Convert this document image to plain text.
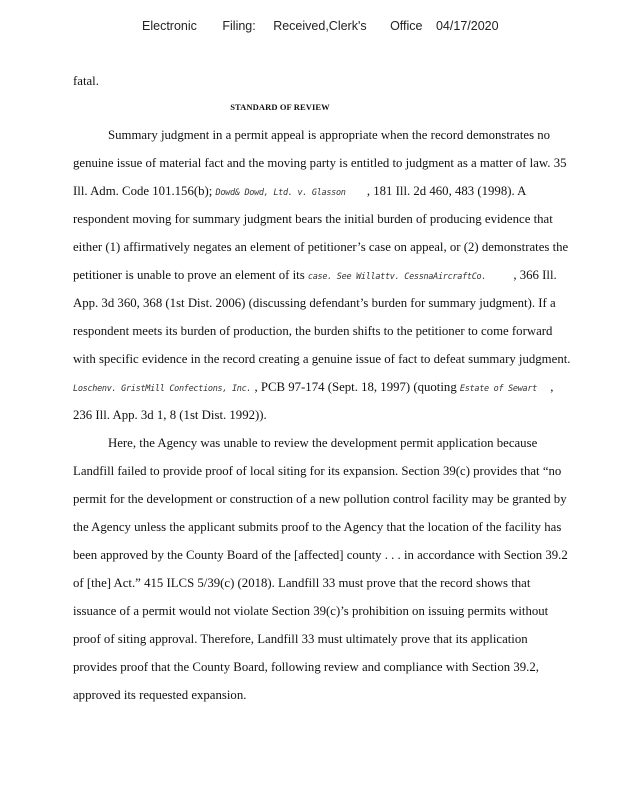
Electronic Filing: Received,Clerk's Office 04/17/2020
fatal.
STANDARD OF REVIEW
Summary judgment in a permit appeal is appropriate when the record demonstrates no
genuine issue of material fact and the moving party is entitled to judgment as a matter of law. 35
Ill. Adm. Code 101.156(b); Dowd& Dowd, Ltd. v. Glasson , 181 Ill. 2d 460, 483 (1998). A
respondent moving for summary judgment bears the initial burden of producing evidence that
either (1) affirmatively negates an element of petitioner’s case on appeal, or (2) demonstrates the
petitioner is unable to prove an element of its case. See Willattv. CessnaAircraftCo. , 366 Ill.
App. 3d 360, 368 (1st Dist. 2006) (discussing defendant’s burden for summary judgment). If a
respondent meets its burden of production, the burden shifts to the petitioner to come forward
with specific evidence in the record creating a genuine issue of fact to defeat summary judgment.
Loschenv. GristMill Confections, Inc. , PCB 97-174 (Sept. 18, 1997) (quoting Estate of Sewart ,
236 Ill. App. 3d 1, 8 (1st Dist. 1992)).
Here, the Agency was unable to review the development permit application because
Landfill failed to provide proof of local siting for its expansion. Section 39(c) provides that “no
permit for the development or construction of a new pollution control facility may be granted by
the Agency unless the applicant submits proof to the Agency that the location of the facility has
been approved by the County Board of the [affected] county . . . in accordance with Section 39.2
of [the] Act.” 415 ILCS 5/39(c) (2018). Landfill 33 must prove that the record shows that
issuance of a permit would not violate Section 39(c)’s prohibition on issuing permits without
proof of siting approval. Therefore, Landfill 33 must ultimately prove that its application
provides proof that the County Board, following review and compliance with Section 39.2,
approved its requested expansion.
